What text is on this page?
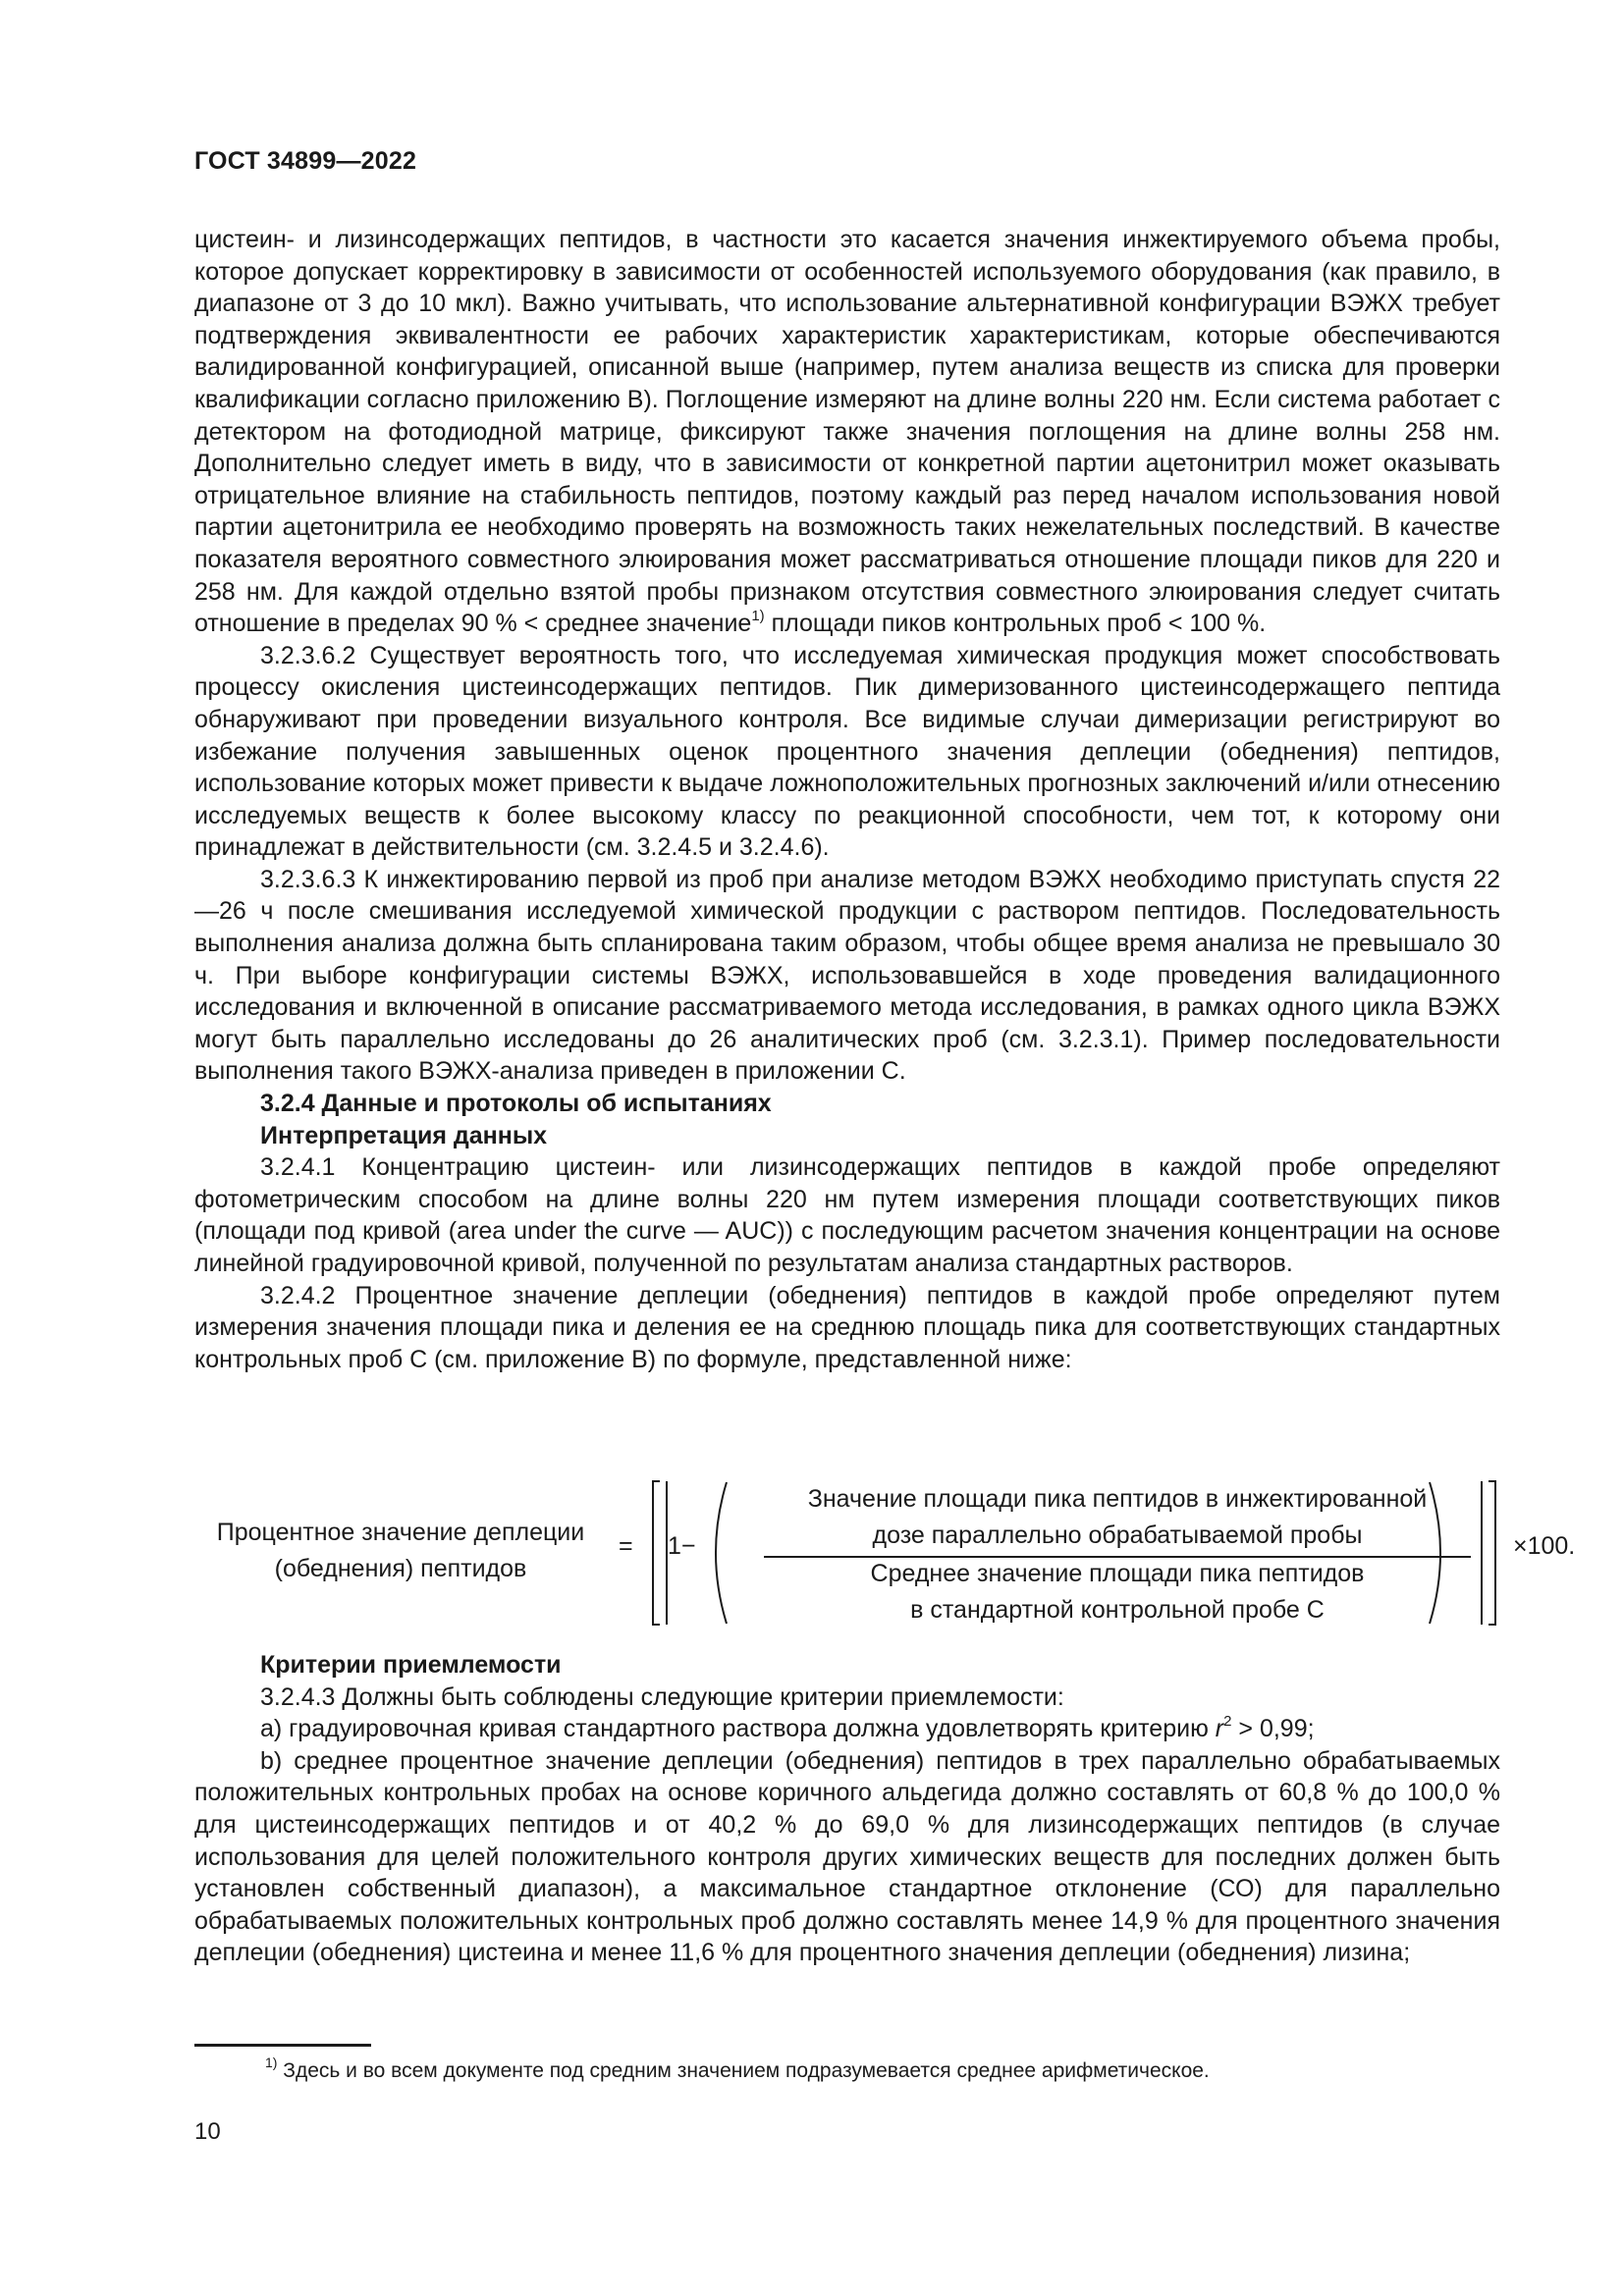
ГОСТ 34899—2022

цистеин- и лизинсодержащих пептидов, в частности это касается значения инжектируемого объема пробы, которое допускает корректировку в зависимости от особенностей используемого оборудования (как правило, в диапазоне от 3 до 10 мкл). Важно учитывать, что использование альтернативной конфигурации ВЭЖХ требует подтверждения эквивалентности ее рабочих характеристик характеристикам, которые обеспечиваются валидированной конфигурацией, описанной выше (например, путем анализа веществ из списка для проверки квалификации согласно приложению В). Поглощение измеряют на длине волны 220 нм. Если система работает с детектором на фотодиодной матрице, фиксируют также значения поглощения на длине волны 258 нм. Дополнительно следует иметь в виду, что в зависимости от конкретной партии ацетонитрил может оказывать отрицательное влияние на стабильность пептидов, поэтому каждый раз перед началом использования новой партии ацетонитрила ее необходимо проверять на возможность таких нежелательных последствий. В качестве показателя вероятного совместного элюирования может рассматриваться отношение площади пиков для 220 и 258 нм. Для каждой отдельно взятой пробы признаком отсутствия совместного элюирования следует считать отношение в пределах 90 % < среднее значение$^{1)}$ площади пиков контрольных проб < 100 %.

3.2.3.6.2 Существует вероятность того, что исследуемая химическая продукция может способствовать процессу окисления цистеинсодержащих пептидов. Пик димеризованного цистеинсодержащего пептида обнаруживают при проведении визуального контроля. Все видимые случаи димеризации регистрируют во избежание получения завышенных оценок процентного значения деплеции (обеднения) пептидов, использование которых может привести к выдаче ложноположительных прогнозных заключений и/или отнесению исследуемых веществ к более высокому классу по реакционной способности, чем тот, к которому они принадлежат в действительности (см. 3.2.4.5 и 3.2.4.6).

3.2.3.6.3 К инжектированию первой из проб при анализе методом ВЭЖХ необходимо приступать спустя 22—26 ч после смешивания исследуемой химической продукции с раствором пептидов. Последовательность выполнения анализа должна быть спланирована таким образом, чтобы общее время анализа не превышало 30 ч. При выборе конфигурации системы ВЭЖХ, использовавшейся в ходе проведения валидационного исследования и включенной в описание рассматриваемого метода исследования, в рамках одного цикла ВЭЖХ могут быть параллельно исследованы до 26 аналитических проб (см. 3.2.3.1). Пример последовательности выполнения такого ВЭЖХ-анализа приведен в приложении С.

3.2.4 Данные и протоколы об испытаниях

Интерпретация данных

3.2.4.1 Концентрацию цистеин- или лизинсодержащих пептидов в каждой пробе определяют фотометрическим способом на длине волны 220 нм путем измерения площади соответствующих пиков (площади под кривой (area under the curve — AUC)) с последующим расчетом значения концентрации на основе линейной градуировочной кривой, полученной по результатам анализа стандартных растворов.

3.2.4.2 Процентное значение деплеции (обеднения) пептидов в каждой пробе определяют путем измерения значения площади пика и деления ее на среднюю площадь пика для соответствующих стандартных контрольных проб С (см. приложение В) по формуле, представленной ниже:

Процентное значение деплеции
(обеднения) пептидов
= 1−
Значение площади пика пептидов в инжектированной
дозе параллельно обрабатываемой пробы
Среднее значение площади пика пептидов
в стандартной контрольной пробе С
×100.

Критерии приемлемости

3.2.4.3 Должны быть соблюдены следующие критерии приемлемости:

a) градуировочная кривая стандартного раствора должна удовлетворять критерию $r^2 > 0,99$;

b) среднее процентное значение деплеции (обеднения) пептидов в трех параллельно обрабатываемых положительных контрольных пробах на основе коричного альдегида должно составлять от 60,8 % до 100,0 % для цистеинсодержащих пептидов и от 40,2 % до 69,0 % для лизинсодержащих пептидов (в случае использования для целей положительного контроля других химических веществ для последних должен быть установлен собственный диапазон), а максимальное стандартное отклонение (СО) для параллельно обрабатываемых положительных контрольных проб должно составлять менее 14,9 % для процентного значения деплеции (обеднения) цистеина и менее 11,6 % для процентного значения деплеции (обеднения) лизина;

$^{1)}$ Здесь и во всем документе под средним значением подразумевается среднее арифметическое.
10
